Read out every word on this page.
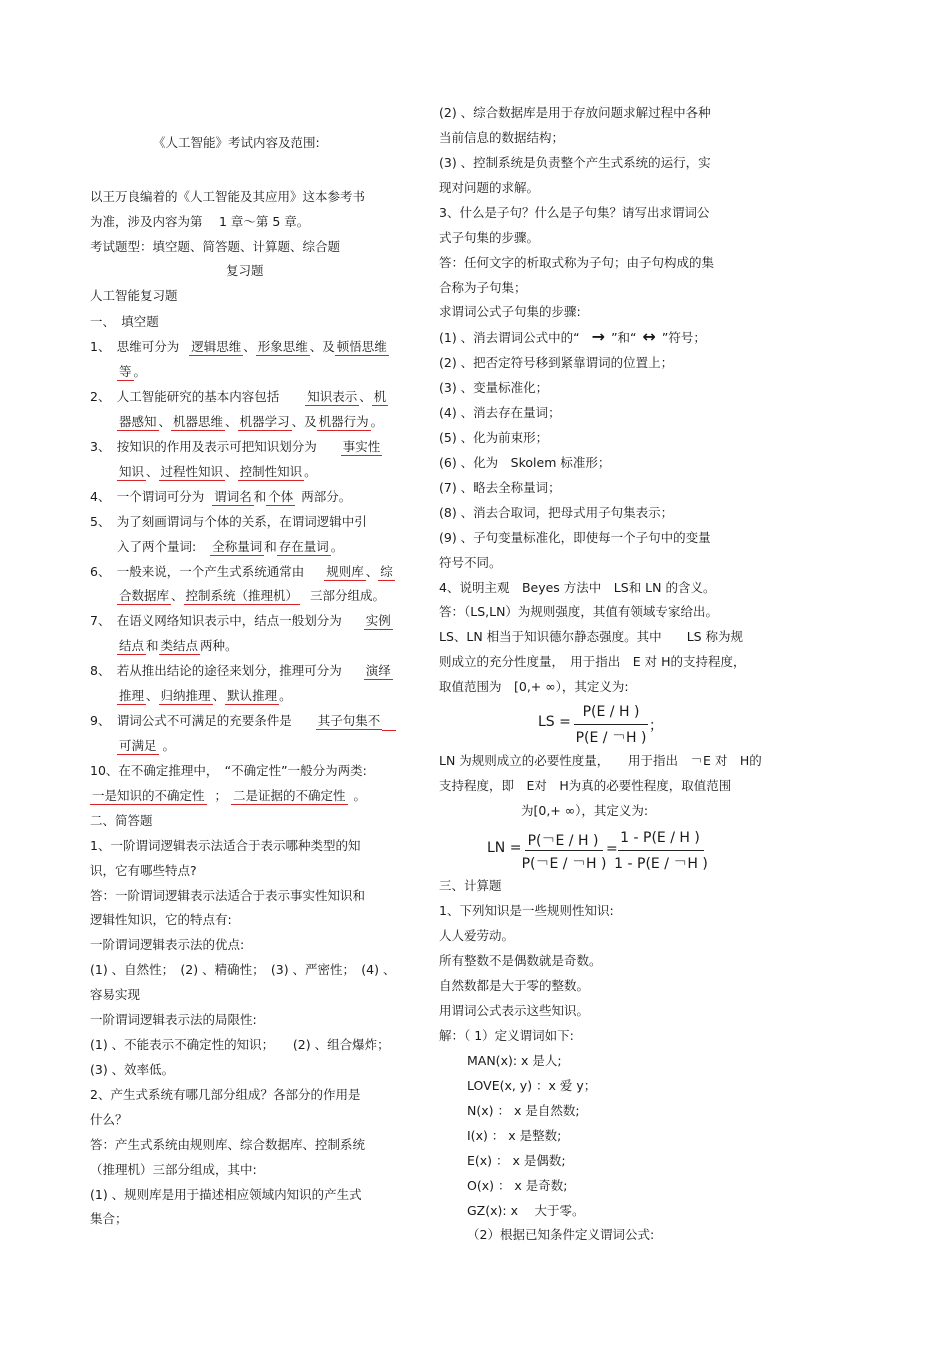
《人工智能》考试内容及范围:
以王万良编着的《人工智能及其应用》这本参考书
为准，涉及内容为第　 1 章～第 5 章。
考试题型：填空题、简答题、计算题、综合题
复习题
人工智能复习题
一、　填空题
1、　思维可分为 逻辑思维 、 形象思维 、及 顿悟思维
等 。
2、　人工智能研究的基本内容包括 知识表示 、 机
器感知 、 机器思维 、 机器学习 、及 机器行为 。
3、　按知识的作用及表示可把知识划分为 事实性
知识 、 过程性知识 、 控制性知识 。
4、　一个谓词可分为 谓词名 和 个体 两部分。
5、　为了刻画谓词与个体的关系，在谓词逻辑中引
入了两个量词: 全称量词 和 存在量词 。
6、　一般来说，一个产生式系统通常由 规则库 、 综
合数据库 、 控制系统（推理机） 三部分组成。
7、　在语义网络知识表示中，结点一般划分为 实例
结点 和 类结点 两种。
8、　若从推出结论的途径来划分，推理可分为 演绎
推理 、 归纳推理 、 默认推理 。
9、　谓词公式不可满足的充要条件是 其子句集不
可满足 。
10、在不确定推理中，　“不确定性”一般分为两类:
一是知识的不确定性 ； 二是证据的不确定性 。
二、简答题
1、一阶谓词逻辑表示法适合于表示哪种类型的知
识，它有哪些特点?
答：一阶谓词逻辑表示法适合于表示事实性知识和
逻辑性知识，它的特点有:
一阶谓词逻辑表示法的优点:
(1) 、自然性；　(2) 、精确性；　(3) 、严密性；　(4) 、
容易实现
一阶谓词逻辑表示法的局限性:
(1) 、不能表示不确定性的知识；　　(2) 、组合爆炸；
(3) 、效率低。
2、产生式系统有哪几部分组成？各部分的作用是
什么？
答：产生式系统由规则库、综合数据库、控制系统
（推理机）三部分组成，其中:
(1) 、规则库是用于描述相应领域内知识的产生式
集合；
(2) 、综合数据库是用于存放问题求解过程中各种
当前信息的数据结构；
(3) 、控制系统是负责整个产生式系统的运行，实
现对问题的求解。
3、什么是子句？什么是子句集？请写出求谓词公
式子句集的步骤。
答：任何文字的析取式称为子句；由子句构成的集
合称为子句集；
求谓词公式子句集的步骤:
(1) 、消去谓词公式中的“ → ”和“ ↔ ”符号；
(2) 、把否定符号移到紧靠谓词的位置上；
(3) 、变量标准化；
(4) 、消去存在量词；
(5) 、化为前束形；
(6) 、化为　Skolem 标准形；
(7) 、略去全称量词；
(8) 、消去合取词，把母式用子句集表示；
(9) 、子句变量标准化，即使每一个子句中的变量
符号不同。
4、说明主观　Beyes 方法中　LS和 LN 的含义。
答：（LS,LN）为规则强度，其值有领域专家给出。
LS、LN 相当于知识德尔静态强度。其中　　LS 称为规
则成立的充分性度量，　用于指出　E 对 H的支持程度，
取值范围为　[0,+ ∞），其定义为:
LS =
P(E / H )
P(E / ￢H )
；
LN 为规则成立的必要性度量，　　用于指出　￢E 对　H的
支持程度，即　E对　H为真的必要性程度，取值范围
为[0,+ ∞），其定义为:
LN = P(￢E / H )
P(￢E / ￢H )
=
1 - P(E / H )
1 - P(E / ￢H )
三、计算题
1、下列知识是一些规则性知识:
人人爱劳动。
所有整数不是偶数就是奇数。
自然数都是大于零的整数。
用谓词公式表示这些知识。
解：（ 1）定义谓词如下:
MAN(x): x 是人;
LOVE(x, y) ：x 爱 y；
N(x) ： x 是自然数;
I(x) ： x 是整数;
E(x) ： x 是偶数;
O(x) ： x 是奇数;
GZ(x): x　 大于零。
（2）根据已知条件定义谓词公式:
